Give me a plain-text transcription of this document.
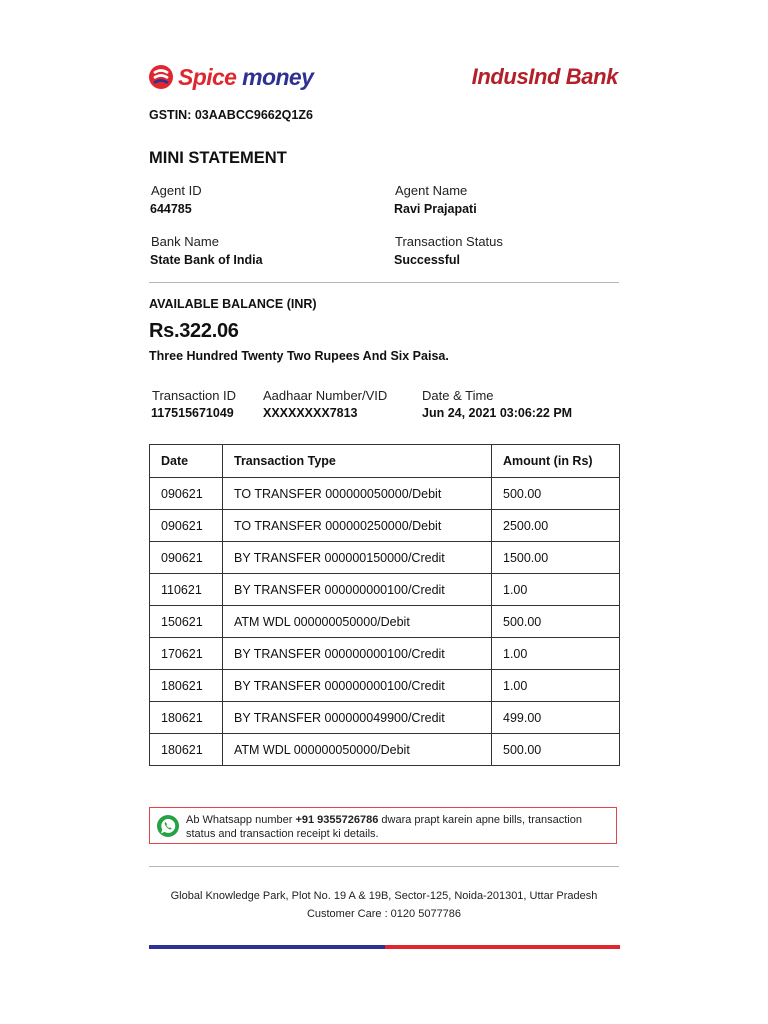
Spice money	IndusInd Bank
GSTIN: 03AABCC9662Q1Z6
MINI STATEMENT
Agent ID
644785
Agent Name
Ravi Prajapati
Bank Name
State Bank of India
Transaction Status
Successful
AVAILABLE BALANCE (INR)
Rs.322.06
Three Hundred Twenty Two Rupees And Six Paisa.
Transaction ID
117515671049
Aadhaar Number/VID
XXXXXXXX7813
Date & Time
Jun 24, 2021 03:06:22 PM
Date	Transaction Type	Amount (in Rs)
090621	TO TRANSFER 000000050000/Debit	500.00
090621	TO TRANSFER 000000250000/Debit	2500.00
090621	BY TRANSFER 000000150000/Credit	1500.00
110621	BY TRANSFER 000000000100/Credit	1.00
150621	ATM WDL 000000050000/Debit	500.00
170621	BY TRANSFER 000000000100/Credit	1.00
180621	BY TRANSFER 000000000100/Credit	1.00
180621	BY TRANSFER 000000049900/Credit	499.00
180621	ATM WDL 000000050000/Debit	500.00
Ab Whatsapp number +91 9355726786 dwara prapt karein apne bills, transaction status and transaction receipt ki details.
Global Knowledge Park, Plot No. 19 A & 19B, Sector-125, Noida-201301, Uttar Pradesh
Customer Care : 0120 5077786
